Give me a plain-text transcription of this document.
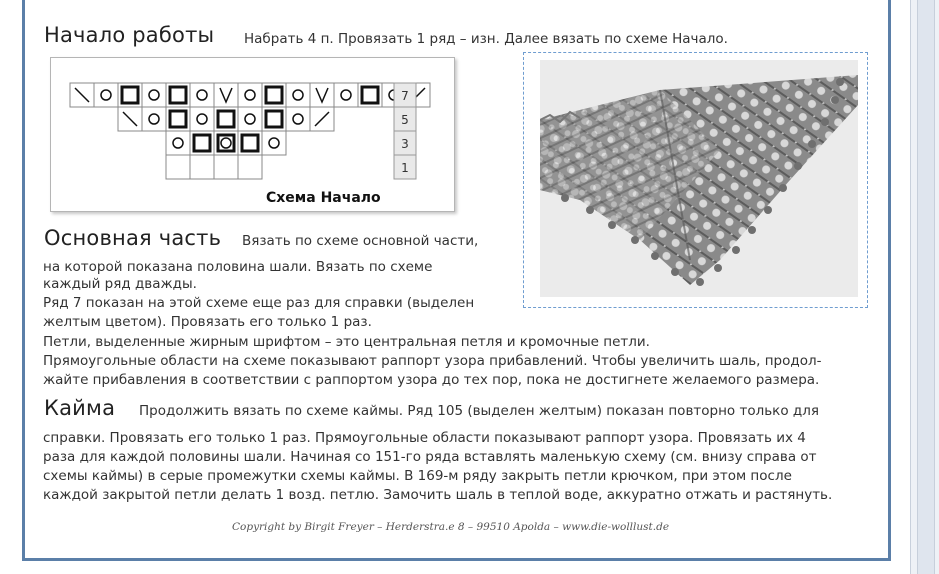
Начало работы Набрать 4 п. Провязать 1 ряд – изн. Далее вязать по схеме Начало.
7
5
3
1
Схема Начало
Основная часть Вязать по схеме основной части,
на которой показана половина шали. Вязать по схеме
каждый ряд дважды.
Ряд 7 показан на этой схеме еще раз для справки (выделен
желтым цветом). Провязать его только 1 раз.
Петли, выделенные жирным шрифтом – это центральная петля и кромочные петли.
Прямоугольные области на схеме показывают раппорт узора прибавлений. Чтобы увеличить шаль, продол-
жайте прибавления в соответствии с раппортом узора до тех пор, пока не достигнете желаемого размера.
Кайма Продолжить вязать по схеме каймы. Ряд 105 (выделен желтым) показан повторно только для
справки. Провязать его только 1 раз. Прямоугольные области показывают раппорт узора. Провязать их 4
раза для каждой половины шали. Начиная со 151-го ряда вставлять маленькую схему (см. внизу справа от
схемы каймы) в серые промежутки схемы каймы. В 169-м ряду закрыть петли крючком, при этом после
каждой закрытой петли делать 1 возд. петлю. Замочить шаль в теплой воде, аккуратно отжать и растянуть.
Copyright by Birgit Freyer – Herderstra.e 8 – 99510 Apolda – www.die-wolllust.de
